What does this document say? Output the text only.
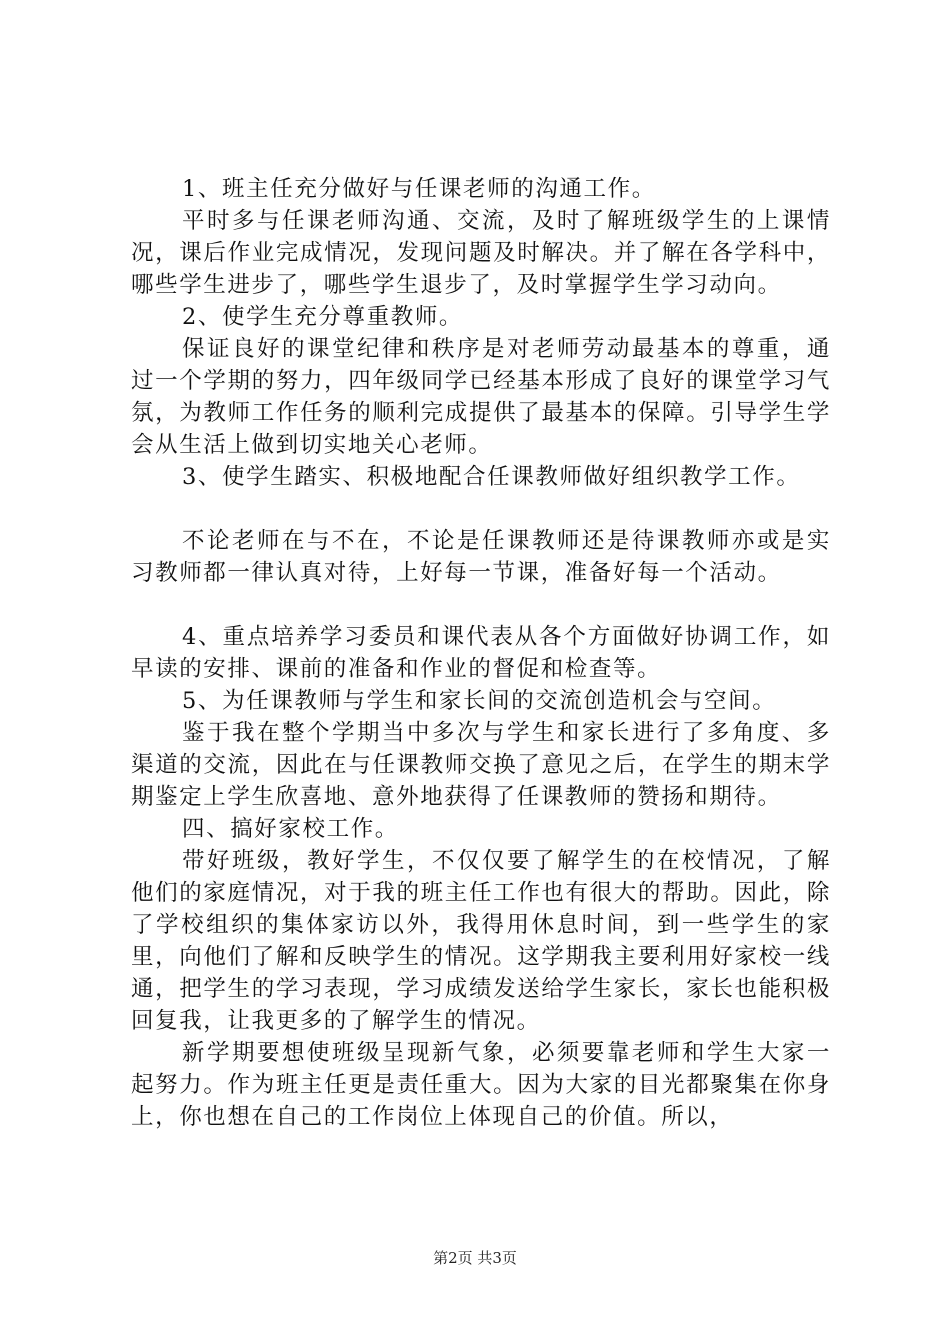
1、班主任充分做好与任课老师的沟通工作。

平时多与任课老师沟通、交流，及时了解班级学生的上课情况，课后作业完成情况，发现问题及时解决。并了解在各学科中，哪些学生进步了，哪些学生退步了，及时掌握学生学习动向。

2、使学生充分尊重教师。

保证良好的课堂纪律和秩序是对老师劳动最基本的尊重，通过一个学期的努力，四年级同学已经基本形成了良好的课堂学习气氛，为教师工作任务的顺利完成提供了最基本的保障。引导学生学会从生活上做到切实地关心老师。

3、使学生踏实、积极地配合任课教师做好组织教学工作。

不论老师在与不在，不论是任课教师还是待课教师亦或是实习教师都一律认真对待，上好每一节课，准备好每一个活动。

4、重点培养学习委员和课代表从各个方面做好协调工作，如早读的安排、课前的准备和作业的督促和检查等。

5、为任课教师与学生和家长间的交流创造机会与空间。

鉴于我在整个学期当中多次与学生和家长进行了多角度、多渠道的交流，因此在与任课教师交换了意见之后，在学生的期末学期鉴定上学生欣喜地、意外地获得了任课教师的赞扬和期待。

四、搞好家校工作。

带好班级，教好学生，不仅仅要了解学生的在校情况，了解他们的家庭情况，对于我的班主任工作也有很大的帮助。因此，除了学校组织的集体家访以外，我得用休息时间，到一些学生的家里，向他们了解和反映学生的情况。这学期我主要利用好家校一线通，把学生的学习表现，学习成绩发送给学生家长，家长也能积极回复我，让我更多的了解学生的情况。

新学期要想使班级呈现新气象，必须要靠老师和学生大家一起努力。作为班主任更是责任重大。因为大家的目光都聚集在你身上，你也想在自己的工作岗位上体现自己的价值。所以，

第2页 共3页
